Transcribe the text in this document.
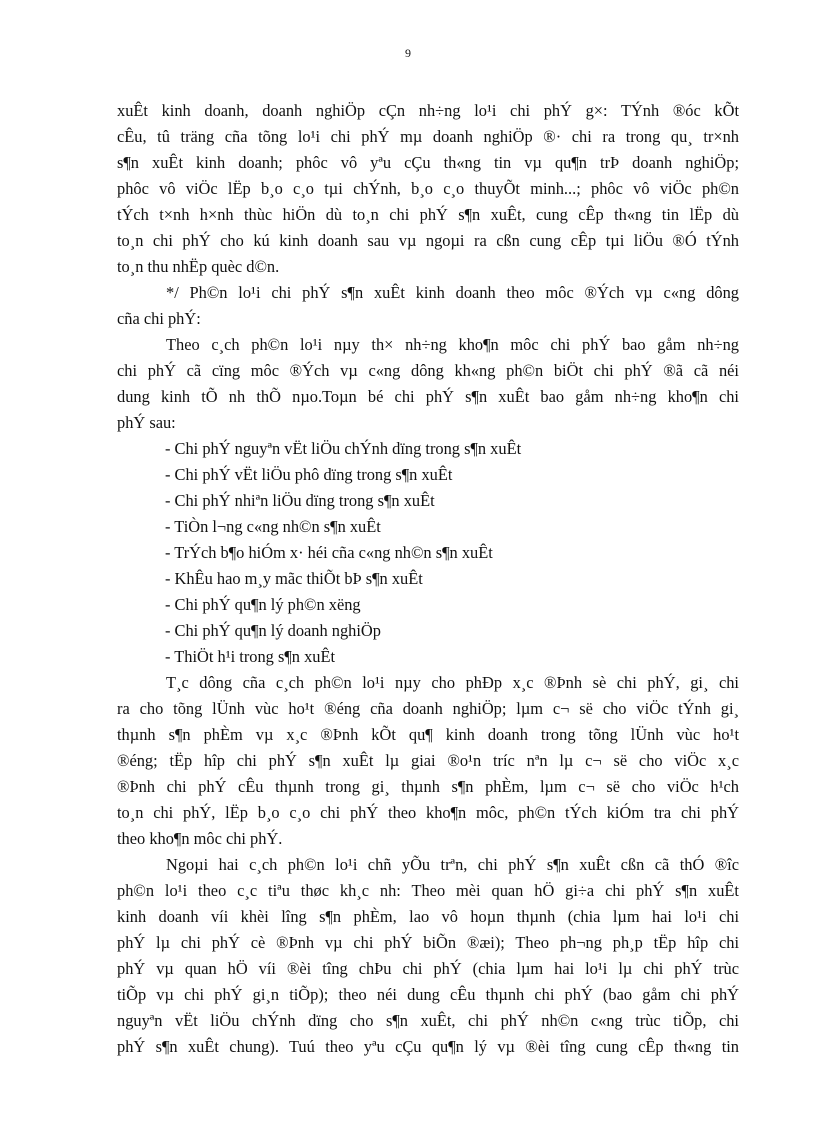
9
xuÊt kinh doanh, doanh nghiÖp cÇn nh÷ng lo¹i chi phÝ g×: TÝnh ®óc kÕt
cÊu, tû träng cña tõng lo¹i chi phÝ mµ doanh nghiÖp ®· chi ra trong qu¸ tr×nh
s¶n xuÊt kinh doanh; phôc vô yªu cÇu th«ng tin vµ qu¶n trÞ doanh nghiÖp;
phôc vô viÖc lËp b¸o c¸o tµi chÝnh, b¸o c¸o thuyÕt minh...; phôc vô viÖc ph©n
tÝch t×nh h×nh thùc hiÖn dù to¸n chi phÝ s¶n xuÊt, cung cÊp th«ng tin lËp dù
to¸n chi phÝ cho kú kinh doanh sau vµ ngoµi ra cßn cung cÊp tµi liÖu ®Ó tÝnh
to¸n thu nhËp quèc d©n.
*/ Ph©n lo¹i chi phÝ s¶n xuÊt kinh doanh theo môc ®Ých vµ c«ng dông
cña chi phÝ:
Theo c¸ch ph©n lo¹i nµy th× nh÷ng kho¶n môc chi phÝ bao gåm nh÷ng
chi phÝ cã cïng môc ®Ých vµ c«ng dông kh«ng ph©n biÖt chi phÝ ®ã cã néi
dung kinh tÕ nh thÕ nµo.Toµn bé chi phÝ s¶n xuÊt bao gåm nh÷ng kho¶n chi
phÝ sau:
- Chi phÝ nguyªn vËt liÖu chÝnh dïng trong s¶n xuÊt
- Chi phÝ vËt liÖu phô dïng trong s¶n xuÊt
- Chi phÝ nhiªn liÖu dïng trong s¶n xuÊt
- TiÒn l¬ng c«ng nh©n s¶n xuÊt
- TrÝch b¶o hiÓm x· héi cña c«ng nh©n s¶n xuÊt
- KhÊu hao m¸y mãc thiÕt bÞ s¶n xuÊt
- Chi phÝ qu¶n lý ph©n xëng
- Chi phÝ qu¶n lý doanh nghiÖp
- ThiÖt h¹i trong s¶n xuÊt
T¸c dông cña c¸ch ph©n lo¹i nµy cho phÐp x¸c ®Þnh sè chi phÝ, gi¸ chi
ra cho tõng lÜnh vùc ho¹t ®éng cña doanh nghiÖp; lµm c¬ së cho viÖc tÝnh gi¸
thµnh s¶n phÈm vµ x¸c ®Þnh kÕt qu¶ kinh doanh trong tõng lÜnh vùc ho¹t
®éng; tËp hîp chi phÝ s¶n xuÊt lµ giai ®o¹n tríc nªn lµ c¬ së cho viÖc x¸c
®Þnh chi phÝ cÊu thµnh trong gi¸ thµnh s¶n phÈm, lµm c¬ së cho viÖc h¹ch
to¸n chi phÝ, lËp b¸o c¸o chi phÝ theo kho¶n môc, ph©n tÝch kiÓm tra chi phÝ
theo kho¶n môc chi phÝ.
Ngoµi hai c¸ch ph©n lo¹i chñ yÕu trªn, chi phÝ s¶n xuÊt cßn cã thÓ ®îc
ph©n lo¹i theo c¸c tiªu thøc kh¸c nh: Theo mèi quan hÖ gi÷a chi phÝ s¶n xuÊt
kinh doanh víi khèi lîng s¶n phÈm, lao vô hoµn thµnh (chia lµm hai lo¹i chi
phÝ lµ chi phÝ cè ®Þnh vµ chi phÝ biÕn ®æi); Theo ph¬ng ph¸p tËp hîp chi
phÝ vµ quan hÖ víi ®èi tîng chÞu chi phÝ (chia lµm hai lo¹i lµ chi phÝ trùc
tiÕp vµ chi phÝ gi¸n tiÕp); theo néi dung cÊu thµnh chi phÝ (bao gåm chi phÝ
nguyªn vËt liÖu chÝnh dïng cho s¶n xuÊt, chi phÝ nh©n c«ng trùc tiÕp, chi
phÝ s¶n xuÊt chung). Tuú theo yªu cÇu qu¶n lý vµ ®èi tîng cung cÊp th«ng tin
